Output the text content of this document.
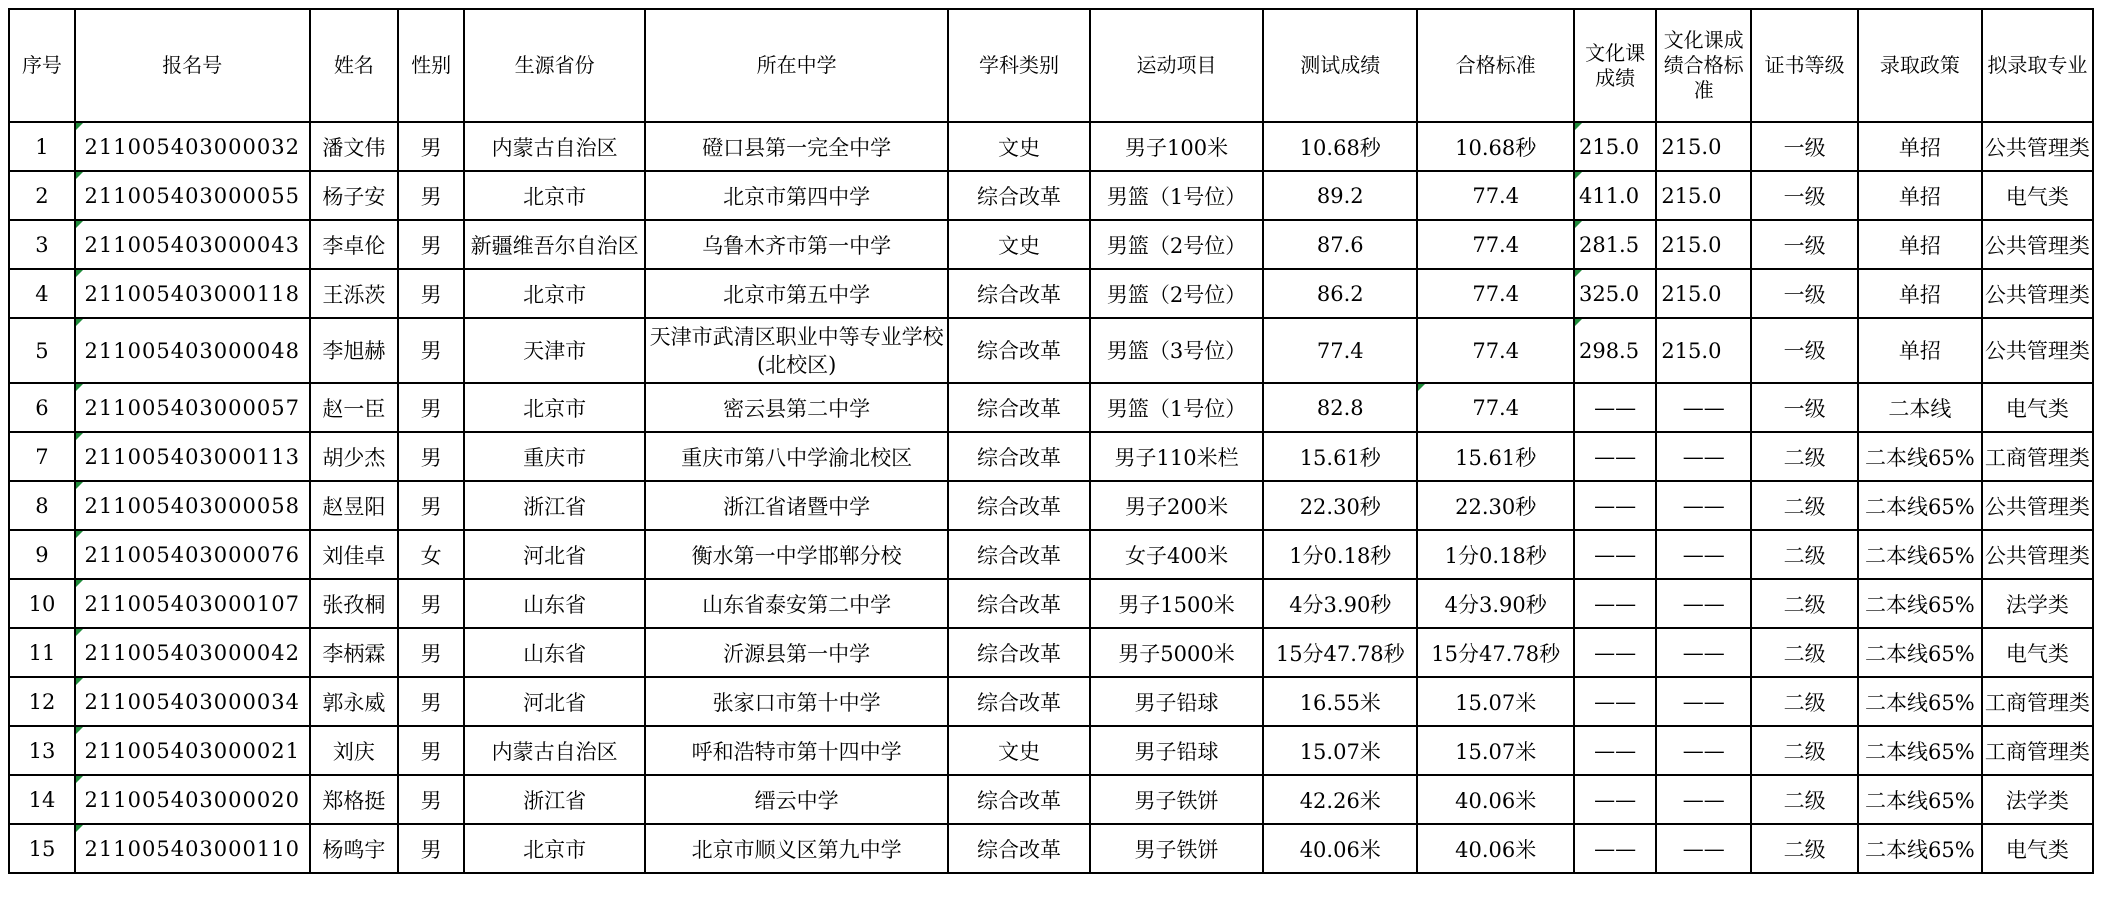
序号	报名号	姓名	性别	生源省份	所在中学	学科类别	运动项目	测试成绩	合格标准	文化课成绩	文化课成绩合格标准	证书等级	录取政策	拟录取专业
1	211005403000032	潘文伟	男	内蒙古自治区	磴口县第一完全中学	文史	男子100米	10.68秒	10.68秒	215.0	215.0	一级	单招	公共管理类
2	211005403000055	杨子安	男	北京市	北京市第四中学	综合改革	男篮（1号位）	89.2	77.4	411.0	215.0	一级	单招	电气类
3	211005403000043	李卓伦	男	新疆维吾尔自治区	乌鲁木齐市第一中学	文史	男篮（2号位）	87.6	77.4	281.5	215.0	一级	单招	公共管理类
4	211005403000118	王泺茨	男	北京市	北京市第五中学	综合改革	男篮（2号位）	86.2	77.4	325.0	215.0	一级	单招	公共管理类
5	211005403000048	李旭赫	男	天津市	天津市武清区职业中等专业学校(北校区)	综合改革	男篮（3号位）	77.4	77.4	298.5	215.0	一级	单招	公共管理类
6	211005403000057	赵一臣	男	北京市	密云县第二中学	综合改革	男篮（1号位）	82.8	77.4	——	——	一级	二本线	电气类
7	211005403000113	胡少杰	男	重庆市	重庆市第八中学渝北校区	综合改革	男子110米栏	15.61秒	15.61秒	——	——	二级	二本线65%	工商管理类
8	211005403000058	赵昱阳	男	浙江省	浙江省诸暨中学	综合改革	男子200米	22.30秒	22.30秒	——	——	二级	二本线65%	公共管理类
9	211005403000076	刘佳卓	女	河北省	衡水第一中学邯郸分校	综合改革	女子400米	1分0.18秒	1分0.18秒	——	——	二级	二本线65%	公共管理类
10	211005403000107	张孜桐	男	山东省	山东省泰安第二中学	综合改革	男子1500米	4分3.90秒	4分3.90秒	——	——	二级	二本线65%	法学类
11	211005403000042	李柄霖	男	山东省	沂源县第一中学	综合改革	男子5000米	15分47.78秒	15分47.78秒	——	——	二级	二本线65%	电气类
12	211005403000034	郭永威	男	河北省	张家口市第十中学	综合改革	男子铅球	16.55米	15.07米	——	——	二级	二本线65%	工商管理类
13	211005403000021	刘庆	男	内蒙古自治区	呼和浩特市第十四中学	文史	男子铅球	15.07米	15.07米	——	——	二级	二本线65%	工商管理类
14	211005403000020	郑格挺	男	浙江省	缙云中学	综合改革	男子铁饼	42.26米	40.06米	——	——	二级	二本线65%	法学类
15	211005403000110	杨鸣宇	男	北京市	北京市顺义区第九中学	综合改革	男子铁饼	40.06米	40.06米	——	——	二级	二本线65%	电气类
